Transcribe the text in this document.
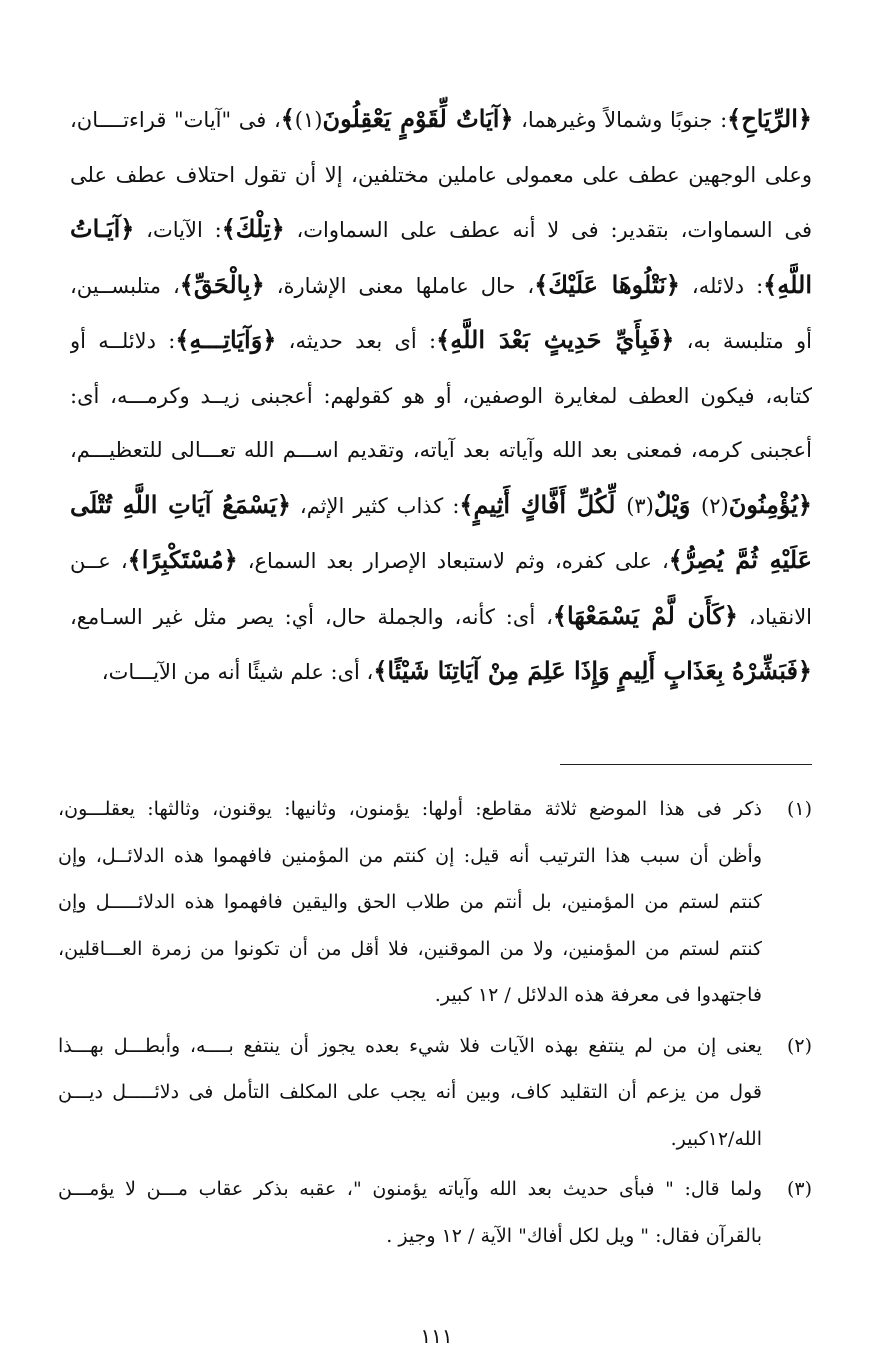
﴿الرِّيَاحِ﴾: جنوبًا وشمالاً وغيرهما، ﴿آيَاتٌ لِّقَوْمٍ يَعْقِلُونَ(١)﴾، فى "آيات" قراءتــــان،

وعلى الوجهين عطف على معمولى عاملين مختلفين، إلا أن تقول احتلاف عطف على

فى السماوات، بتقدير: فى لا أنه عطف على السماوات، ﴿تِلْكَ﴾: الآيات، ﴿آيَـاتُ

اللَّهِ﴾: دلائله، ﴿نَتْلُوهَا عَلَيْكَ﴾، حال عاملها معنى الإشارة، ﴿بِالْحَقِّ﴾، متلبســين،

أو متلبسة به، ﴿فَبِأَيِّ حَدِيثٍ بَعْدَ اللَّهِ﴾: أى بعد حديثه، ﴿وَآيَاتِـــهِ﴾: دلائلــه أو

كتابه، فيكون العطف لمغايرة الوصفين، أو هو كقولهم: أعجبنى زيــد وكرمـــه، أى:

أعجبنى كرمه، فمعنى بعد الله وآياته بعد آياته، وتقديم اســـم الله تعـــالى للتعظيـــم،

﴿يُؤْمِنُونَ(٢) وَيْلٌ(٣) لِّكُلِّ أَفَّاكٍ أَثِيمٍ﴾: كذاب كثير الإثم، ﴿يَسْمَعُ آيَاتِ اللَّهِ تُتْلَى

عَلَيْهِ ثُمَّ يُصِرُّ﴾، على كفره، وثم لاستبعاد الإصرار بعد السماع، ﴿مُسْتَكْبِرًا﴾، عــن

الانقياد، ﴿كَأَن لَّمْ يَسْمَعْهَا﴾، أى: كأنه، والجملة حال، أي: يصر مثل غير السـامع،

﴿فَبَشِّرْهُ بِعَذَابٍ أَلِيمٍ وَإِذَا عَلِمَ مِنْ آيَاتِنَا شَيْئًا﴾، أى: علم شيئًا أنه من الآيـــات،

(١)

ذكر فى هذا الموضع ثلاثة مقاطع: أولها: يؤمنون، وثانيها: يوقنون، وثالثها: يعقلـــون،

وأظن أن سبب هذا الترتيب أنه قيل: إن كنتم من المؤمنين فافهموا هذه الدلائــل، وإن

كنتم لستم من المؤمنين، بل أنتم من طلاب الحق واليقين فافهموا هذه الدلائـــــل وإن

كنتم لستم من المؤمنين، ولا من الموقنين، فلا أقل من أن تكونوا من زمرة العـــاقلين،

فاجتهدوا فى معرفة هذه الدلائل / ١٢ كبير.

(٢)

يعنى إن من لم ينتفع بهذه الآيات فلا شيء بعده يجوز أن ينتفع بــــه، وأبطـــل بهـــذا

قول من يزعم أن التقليد كاف، وبين أنه يجب على المكلف التأمل فى دلائـــــل ديـــن

الله/١٢كبير.

(٣)

ولما قال: " فبأى حديث بعد الله وآياته يؤمنون "، عقبه بذكر عقاب مـــن لا يؤمـــن

بالقرآن فقال: " ويل لكل أفاك" الآية / ١٢ وجيز .

١١١
